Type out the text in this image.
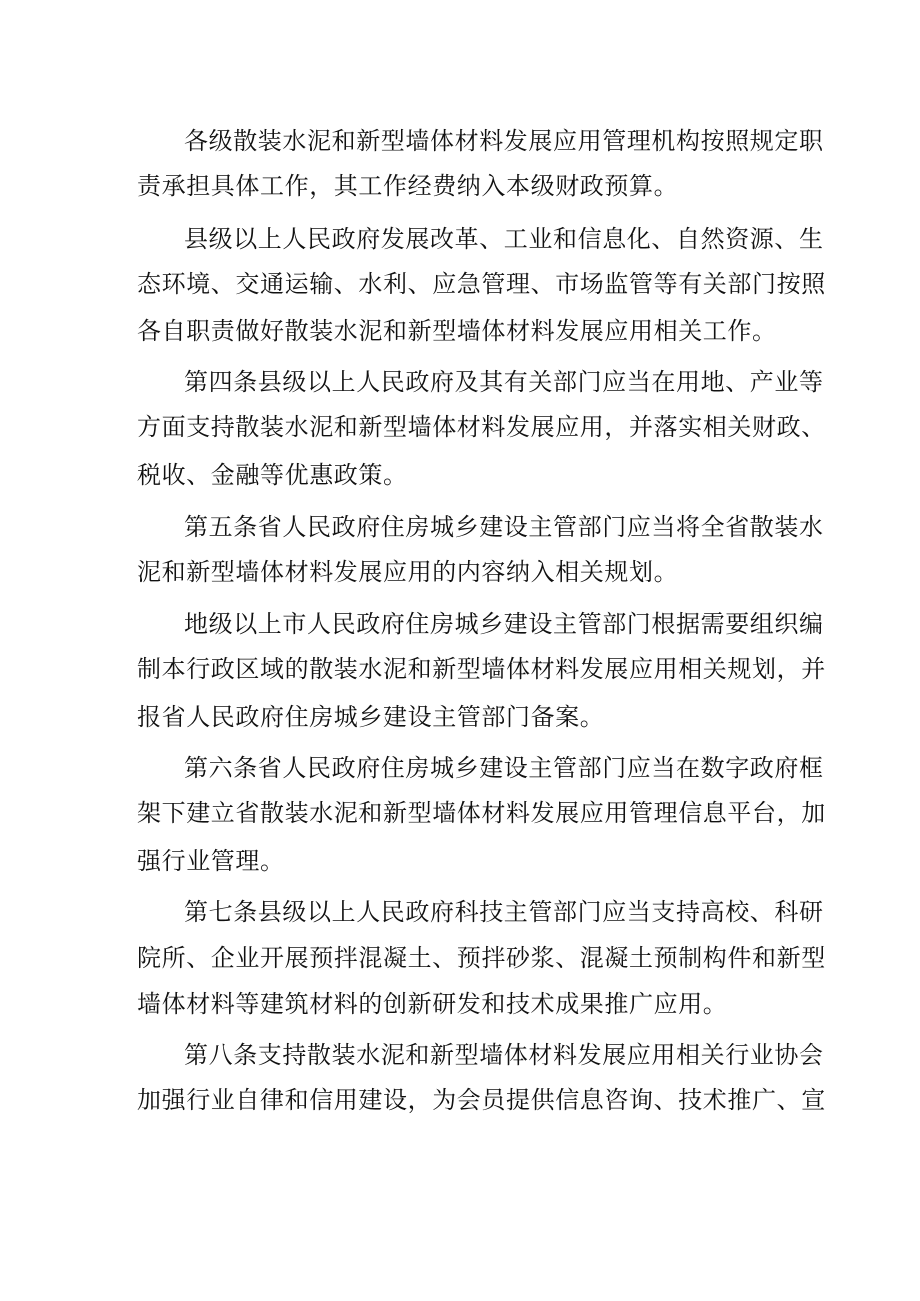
各级散装水泥和新型墙体材料发展应用管理机构按照规定职
责承担具体工作，其工作经费纳入本级财政预算。
县级以上人民政府发展改革、工业和信息化、自然资源、生
态环境、交通运输、水利、应急管理、市场监管等有关部门按照
各自职责做好散装水泥和新型墙体材料发展应用相关工作。
第四条县级以上人民政府及其有关部门应当在用地、产业等
方面支持散装水泥和新型墙体材料发展应用，并落实相关财政、
税收、金融等优惠政策。
第五条省人民政府住房城乡建设主管部门应当将全省散装水
泥和新型墙体材料发展应用的内容纳入相关规划。
地级以上市人民政府住房城乡建设主管部门根据需要组织编
制本行政区域的散装水泥和新型墙体材料发展应用相关规划，并
报省人民政府住房城乡建设主管部门备案。
第六条省人民政府住房城乡建设主管部门应当在数字政府框
架下建立省散装水泥和新型墙体材料发展应用管理信息平台，加
强行业管理。
第七条县级以上人民政府科技主管部门应当支持高校、科研
院所、企业开展预拌混凝土、预拌砂浆、混凝土预制构件和新型
墙体材料等建筑材料的创新研发和技术成果推广应用。
第八条支持散装水泥和新型墙体材料发展应用相关行业协会
加强行业自律和信用建设，为会员提供信息咨询、技术推广、宣
